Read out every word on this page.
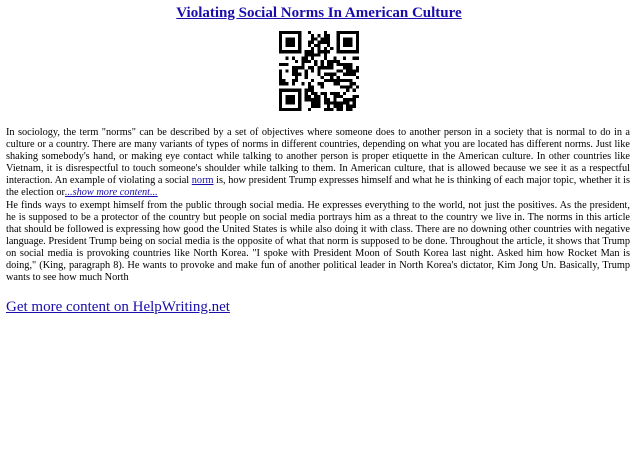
Violating Social Norms In American Culture

In sociology, the term "norms" can be described by a set of objectives where someone does to another person in a society that is normal to do in a culture or a country. There are many variants of types of norms in different countries, depending on what you are located has different norms. Just like shaking somebody's hand, or making eye contact while talking to another person is proper etiquette in the American culture. In other countries like Vietnam, it is disrespectful to touch someone's shoulder while talking to them. In American culture, that is allowed because we see it as a respectful interaction. An example of violating a social norm is, how president Trump expresses himself and what he is thinking of each major topic, whether it is the election or...show more content...

He finds ways to exempt himself from the public through social media. He expresses everything to the world, not just the positives. As the president, he is supposed to be a protector of the country but people on social media portrays him as a threat to the country we live in. The norms in this article that should be followed is expressing how good the United States is while also doing it with class. There are no downing other countries with negative language. President Trump being on social media is the opposite of what that norm is supposed to be done. Throughout the article, it shows that Trump on social media is provoking countries like North Korea. "I spoke with President Moon of South Korea last night. Asked him how Rocket Man is doing," (King, paragraph 8). He wants to provoke and make fun of another political leader in North Korea's dictator, Kim Jong Un. Basically, Trump wants to see how much North

Get more content on HelpWriting.net
